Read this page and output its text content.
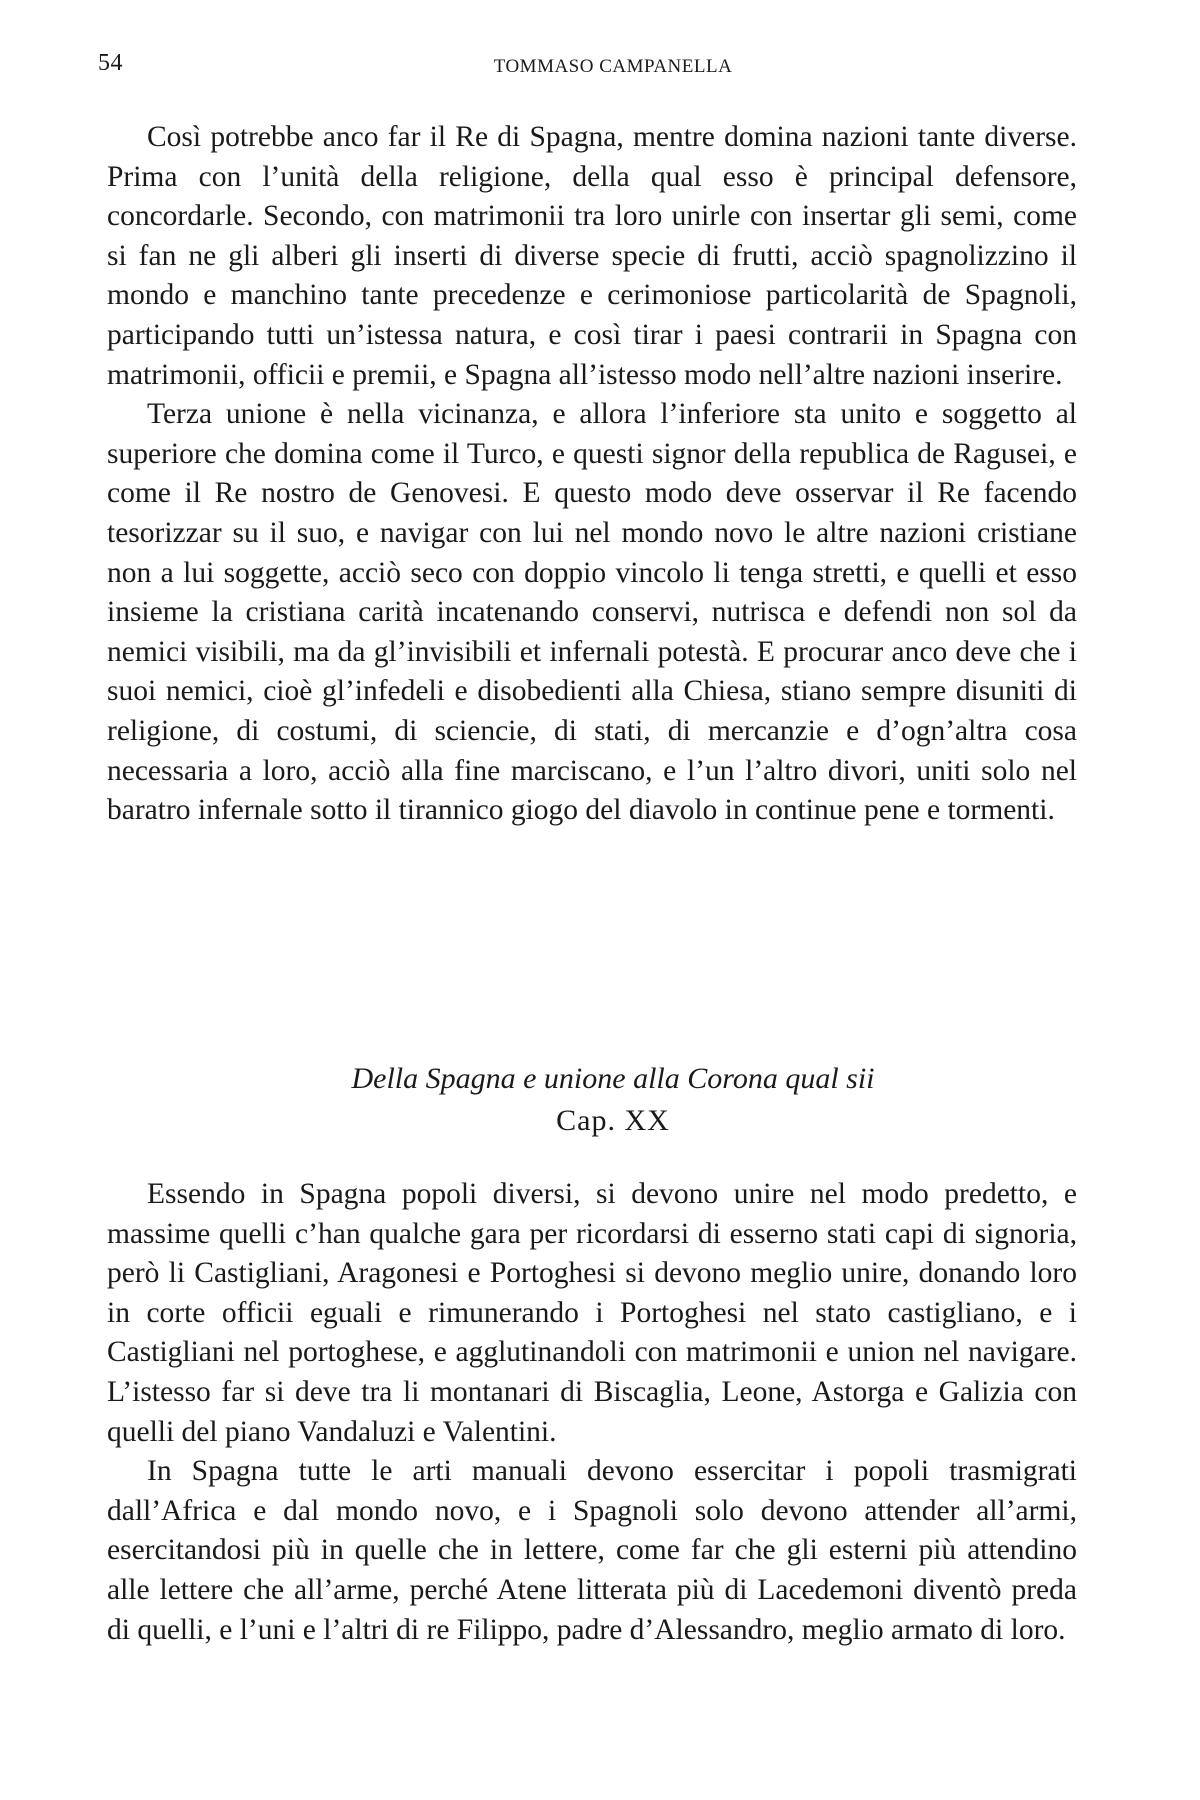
54	TOMMASO CAMPANELLA

Così potrebbe anco far il Re di Spagna, mentre domina nazioni tante diverse. Prima con l’unità della religione, della qual esso è principal defensore, concordarle. Secondo, con matrimonii tra loro unirle con insertar gli semi, come si fan ne gli alberi gli inserti di diverse specie di frutti, acciò spagnolizzino il mondo e manchino tante precedenze e cerimoniose particolarità de Spagnoli, participando tutti un’istessa natura, e così tirar i paesi contrarii in Spagna con matrimonii, officii e premii, e Spagna all’istesso modo nell’altre nazioni inserire.

Terza unione è nella vicinanza, e allora l’inferiore sta unito e soggetto al superiore che domina come il Turco, e questi signor della republica de Ragusei, e come il Re nostro de Genovesi. E questo modo deve osservar il Re facendo tesorizzar su il suo, e navigar con lui nel mondo novo le altre nazioni cristiane non a lui soggette, acciò seco con doppio vincolo li tenga stretti, e quelli et esso insieme la cristiana carità incatenando conservi, nutrisca e defendi non sol da nemici visibili, ma da gl’invisibili et infernali potestà. E procurar anco deve che i suoi nemici, cioè gl’infedeli e disobedienti alla Chiesa, stiano sempre disuniti di religione, di costumi, di sciencie, di stati, di mercanzie e d’ogn’altra cosa necessaria a loro, acciò alla fine marciscano, e l’un l’altro divori, uniti solo nel baratro infernale sotto il tirannico giogo del diavolo in continue pene e tormenti.

Della Spagna e unione alla Corona qual sii

Cap. XX

Essendo in Spagna popoli diversi, si devono unire nel modo predetto, e massime quelli c’han qualche gara per ricordarsi di esserno stati capi di signoria, però li Castigliani, Aragonesi e Portoghesi si devono meglio unire, donando loro in corte officii eguali e rimunerando i Portoghesi nel stato castigliano, e i Castigliani nel portoghese, e agglutinandoli con matrimonii e union nel navigare. L’istesso far si deve tra li montanari di Biscaglia, Leone, Astorga e Galizia con quelli del piano Vandaluzi e Valentini.

In Spagna tutte le arti manuali devono essercitar i popoli trasmigrati dall’Africa e dal mondo novo, e i Spagnoli solo devono attender all’armi, esercitandosi più in quelle che in lettere, come far che gli esterni più attendino alle lettere che all’arme, perché Atene litterata più di Lacedemoni diventò preda di quelli, e l’uni e l’altri di re Filippo, padre d’Alessandro, meglio armato di loro.
